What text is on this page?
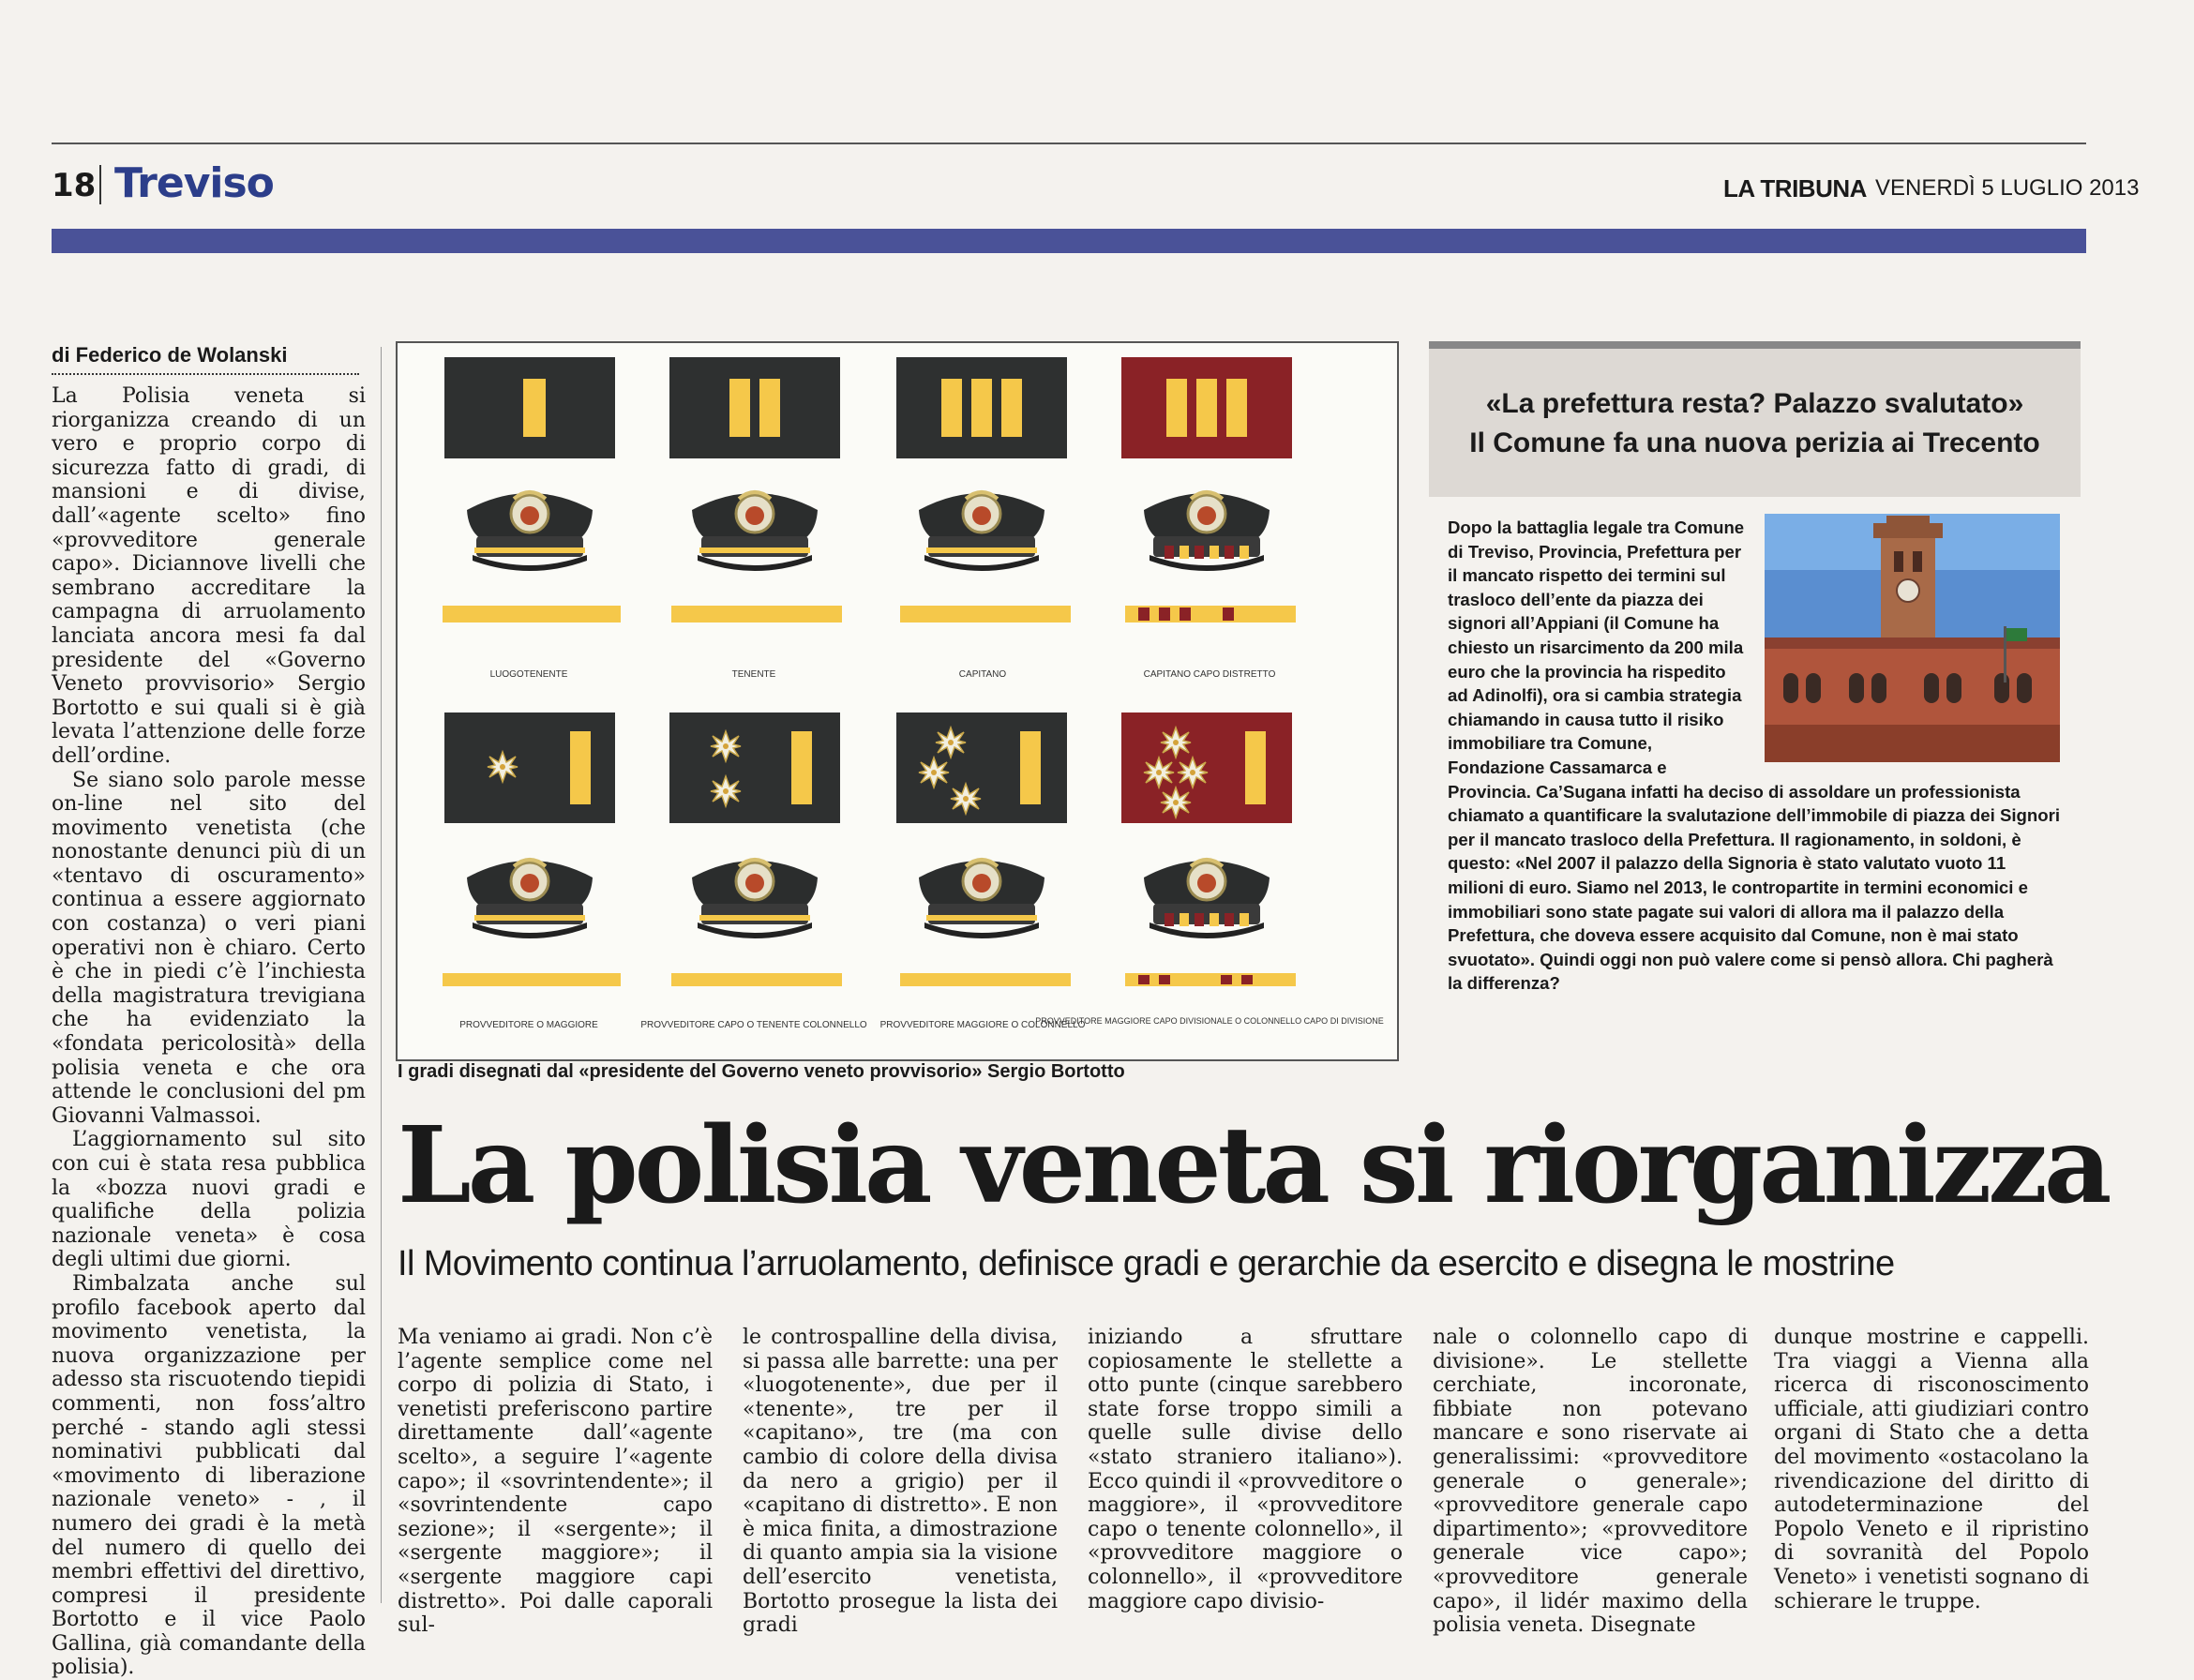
18 Treviso	LA TRIBUNA VENERDÌ 5 LUGLIO 2013
di Federico de Wolanski

La Polisia veneta si riorganizza creando di un vero e proprio corpo di sicurezza fatto di gradi, di mansioni e di divise, dall’«agente scelto» fino «provveditore generale capo». Diciannove livelli che sembrano accreditare la campagna di arruolamento lanciata ancora mesi fa dal presidente del «Governo Veneto provvisorio» Sergio Bortotto e sui quali si è già levata l’attenzione delle forze dell’ordine.

Se siano solo parole messe on-line nel sito del movimento venetista (che nonostante denunci più di un «tentavo di oscuramento» continua a essere aggiornato con costanza) o veri piani operativi non è chiaro. Certo è che in piedi c’è l’inchiesta della magistratura trevigiana che ha evidenziato la «fondata pericolosità» della polisia veneta e che ora attende le conclusioni del pm Giovanni Valmassoi.

L’aggiornamento sul sito con cui è stata resa pubblica la «bozza nuovi gradi e qualifiche della polizia nazionale veneta» è cosa degli ultimi due giorni.

Rimbalzata anche sul profilo facebook aperto dal movimento venetista, la nuova organizzazione per adesso sta riscuotendo tiepidi commenti, non foss’altro perché - stando agli stessi nominativi pubblicati dal «movimento di liberazione nazionale veneto» - , il numero dei gradi è la metà del numero di quello dei membri effettivi del direttivo, compresi il presidente Bortotto e il vice Paolo Gallina, già comandante della polisia).

LUOGOTENENTE	TENENTE	CAPITANO	CAPITANO CAPO DISTRETTO
PROVVEDITORE O MAGGIORE	PROVVEDITORE CAPO O TENENTE COLONNELLO PROVVEDITORE MAGGIORE O COLONNELLO
PROVVEDITORE MAGGIORE CAPO DIVISIONALE O COLONNELLO CAPO DI DIVISIONE
I gradi disegnati dal «presidente del Governo veneto provvisorio» Sergio Bortotto
«La prefettura resta? Palazzo svalutato»
Il Comune fa una nuova perizia ai Trecento
Dopo la battaglia legale tra Comune di Treviso, Provincia, Prefettura per il mancato rispetto dei termini sul trasloco dell’ente da piazza dei signori all’Appiani (il Comune ha chiesto un risarcimento da 200 mila euro che la provincia ha rispedito ad Adinolfi), ora si cambia strategia chiamando in causa tutto il risiko immobiliare tra Comune, Fondazione Cassamarca e Provincia. Ca’Sugana infatti ha deciso di assoldare un professionista chiamato a quantificare la svalutazione dell’immobile di piazza dei Signori per il mancato trasloco della Prefettura. Il ragionamento, in soldoni, è questo: «Nel 2007 il palazzo della Signoria è stato valutato vuoto 11 milioni di euro. Siamo nel 2013, le contropartite in termini economici e immobiliari sono state pagate sui valori di allora ma il palazzo della Prefettura, che doveva essere acquisito dal Comune, non è mai stato svuotato». Quindi oggi non può valere come si pensò allora. Chi pagherà la differenza?
La polisia veneta si riorganizza
Il Movimento continua l’arruolamento, definisce gradi e gerarchie da esercito e disegna le mostrine

Ma veniamo ai gradi. Non c’è l’agente semplice come nel corpo di polizia di Stato, i venetisti preferiscono partire direttamente dall’«agente scelto», a seguire l’«agente capo»; il «sovrintendente»; il «sovrintendente capo sezione»; il «sergente»; il «sergente maggiore»; il «sergente maggiore capi distretto». Poi dalle caporali sul-

le controspalline della divisa, si passa alle barrette: una per «luogotenente», due per il «tenente», tre per il «capitano», tre (ma con cambio di colore della divisa da nero a grigio) per il «capitano di distretto». E non è mica finita, a dimostrazione di quanto ampia sia la visione dell’esercito venetista, Bortotto prosegue la lista dei gradi

iniziando a sfruttare copiosamente le stellette a otto punte (cinque sarebbero state forse troppo simili a quelle sulle divise dello «stato straniero italiano»). Ecco quindi il «provveditore o maggiore», il «provveditore capo o tenente colonnello», il «provveditore maggiore o colonnello», il «provveditore maggiore capo divisio-

nale o colonnello capo di divisione». Le stellette cerchiate, incoronate, fibbiate non potevano mancare e sono riservate ai generalissimi: «provveditore generale o generale»; «provveditore generale capo dipartimento»; «provveditore generale vice capo»; «provveditore generale capo», il lidér maximo della polisia veneta. Disegnate

dunque mostrine e cappelli. Tra viaggi a Vienna alla ricerca di risconoscimento ufficiale, atti giudiziari contro organi di Stato che a detta del movimento «ostacolano la rivendicazione del diritto di autodeterminazione del Popolo Veneto e il ripristino di sovranità del Popolo Veneto» i venetisti sognano di schierare le truppe.
